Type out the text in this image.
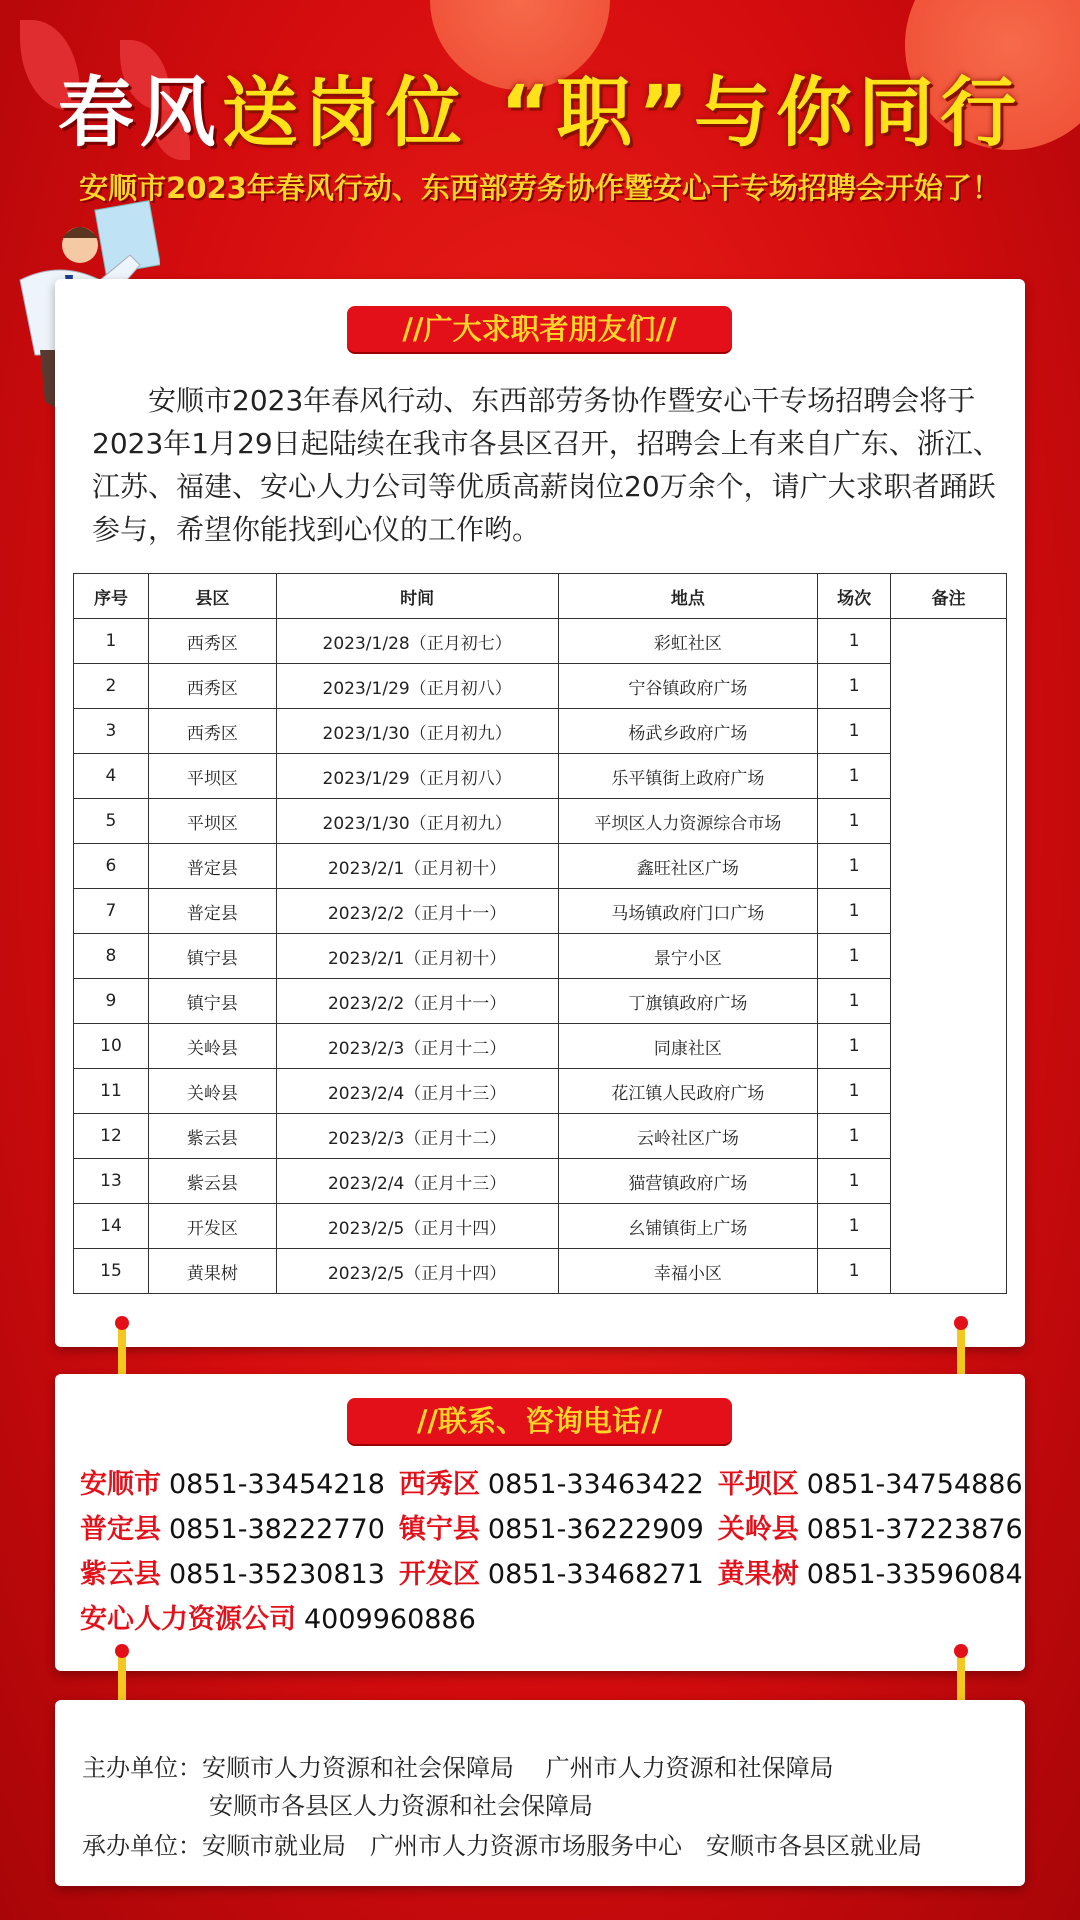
春风送岗位 “职”与你同行
安顺市2023年春风行动、东西部劳务协作暨安心干专场招聘会开始了！
//广大求职者朋友们//
安顺市2023年春风行动、东西部劳务协作暨安心干专场招聘会将于2023年1月29日起陆续在我市各县区召开，招聘会上有来自广东、浙江、江苏、福建、安心人力公司等优质高薪岗位20万余个，请广大求职者踊跃参与，希望你能找到心仪的工作哟。
序号	县区	时间	地点	场次	备注
1	西秀区	2023/1/28（正月初七）	彩虹社区	1	
2	西秀区	2023/1/29（正月初八）	宁谷镇政府广场	1	
3	西秀区	2023/1/30（正月初九）	杨武乡政府广场	1	
4	平坝区	2023/1/29（正月初八）	乐平镇街上政府广场	1	
5	平坝区	2023/1/30（正月初九）	平坝区人力资源综合市场	1	
6	普定县	2023/2/1（正月初十）	鑫旺社区广场	1	
7	普定县	2023/2/2（正月十一）	马场镇政府门口广场	1	
8	镇宁县	2023/2/1（正月初十）	景宁小区	1	
9	镇宁县	2023/2/2（正月十一）	丁旗镇政府广场	1	
10	关岭县	2023/2/3（正月十二）	同康社区	1	
11	关岭县	2023/2/4（正月十三）	花江镇人民政府广场	1	
12	紫云县	2023/2/3（正月十二）	云岭社区广场	1	
13	紫云县	2023/2/4（正月十三）	猫营镇政府广场	1	
14	开发区	2023/2/5（正月十四）	幺铺镇街上广场	1	
15	黄果树	2023/2/5（正月十四）	幸福小区	1	
//联系、咨询电话//
安顺市 0851-33454218 西秀区 0851-33463422 平坝区 0851-34754886
普定县 0851-38222770 镇宁县 0851-36222909 关岭县 0851-37223876
紫云县 0851-35230813 开发区 0851-33468271 黄果树 0851-33596084
安心人力资源公司 4009960886
主办单位：安顺市人力资源和社会保障局　 广州市人力资源和社保障局
安顺市各县区人力资源和社会保障局
承办单位：安顺市就业局　广州市人力资源市场服务中心　安顺市各县区就业局
